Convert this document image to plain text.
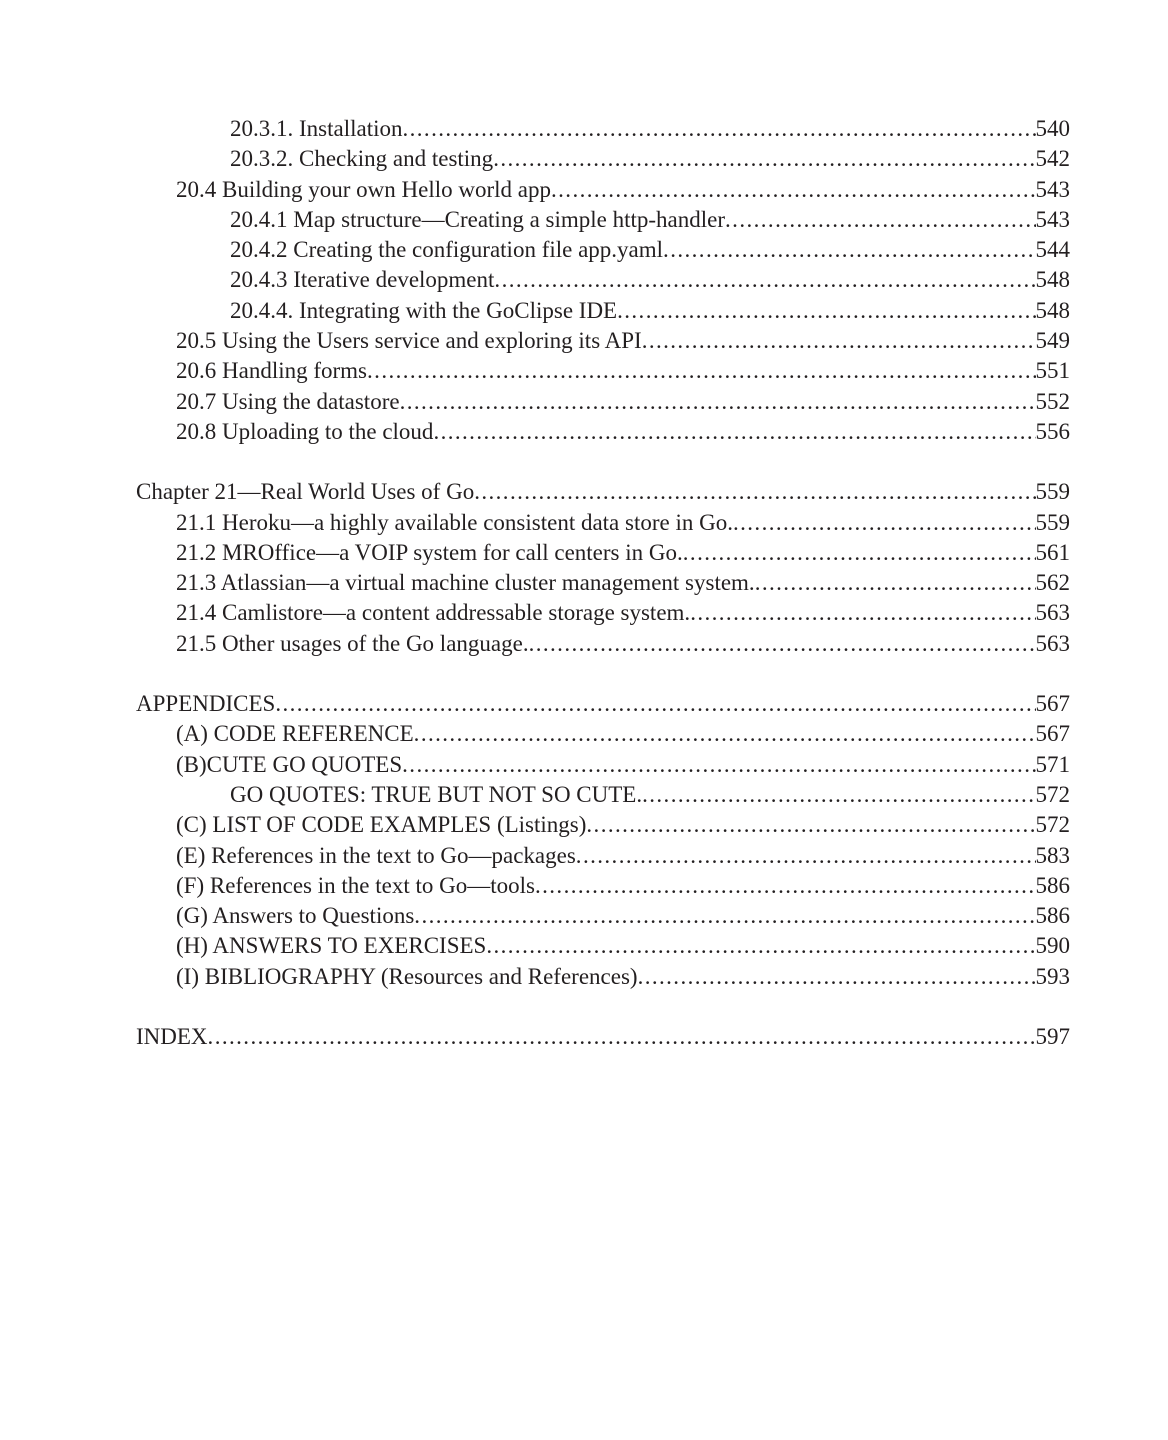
20.3.1. Installation .....	540
20.3.2. Checking and testing .....	542
20.4 Building your own Hello world app .....	543
20.4.1 Map structure—Creating a simple http-handler .....	543
20.4.2 Creating the configuration file app.yaml .....	544
20.4.3 Iterative development .....	548
20.4.4. Integrating with the GoClipse IDE .....	548
20.5 Using the Users service and exploring its API .....	549
20.6 Handling forms .....	551
20.7 Using the datastore .....	552
20.8 Uploading to the cloud .....	556
Chapter 21—Real World Uses of Go .....	559
21.1 Heroku—a highly available consistent data store in Go. .....	559
21.2 MROffice—a VOIP system for call centers in Go. .....	561
21.3 Atlassian—a virtual machine cluster management system. .....	562
21.4 Camlistore—a content addressable storage system. .....	563
21.5 Other usages of the Go language. .....	563
APPENDICES .....	567
(A) CODE REFERENCE .....	567
(B)CUTE GO QUOTES .....	571
GO QUOTES: TRUE BUT NOT SO CUTE. .....	572
(C) LIST OF CODE EXAMPLES (Listings) .....	572
(E) References in the text to Go—packages .....	583
(F) References in the text to Go—tools .....	586
(G) Answers to Questions .....	586
(H) ANSWERS TO EXERCISES .....	590
(I) BIBLIOGRAPHY (Resources and References) .....	593
INDEX .....	597
